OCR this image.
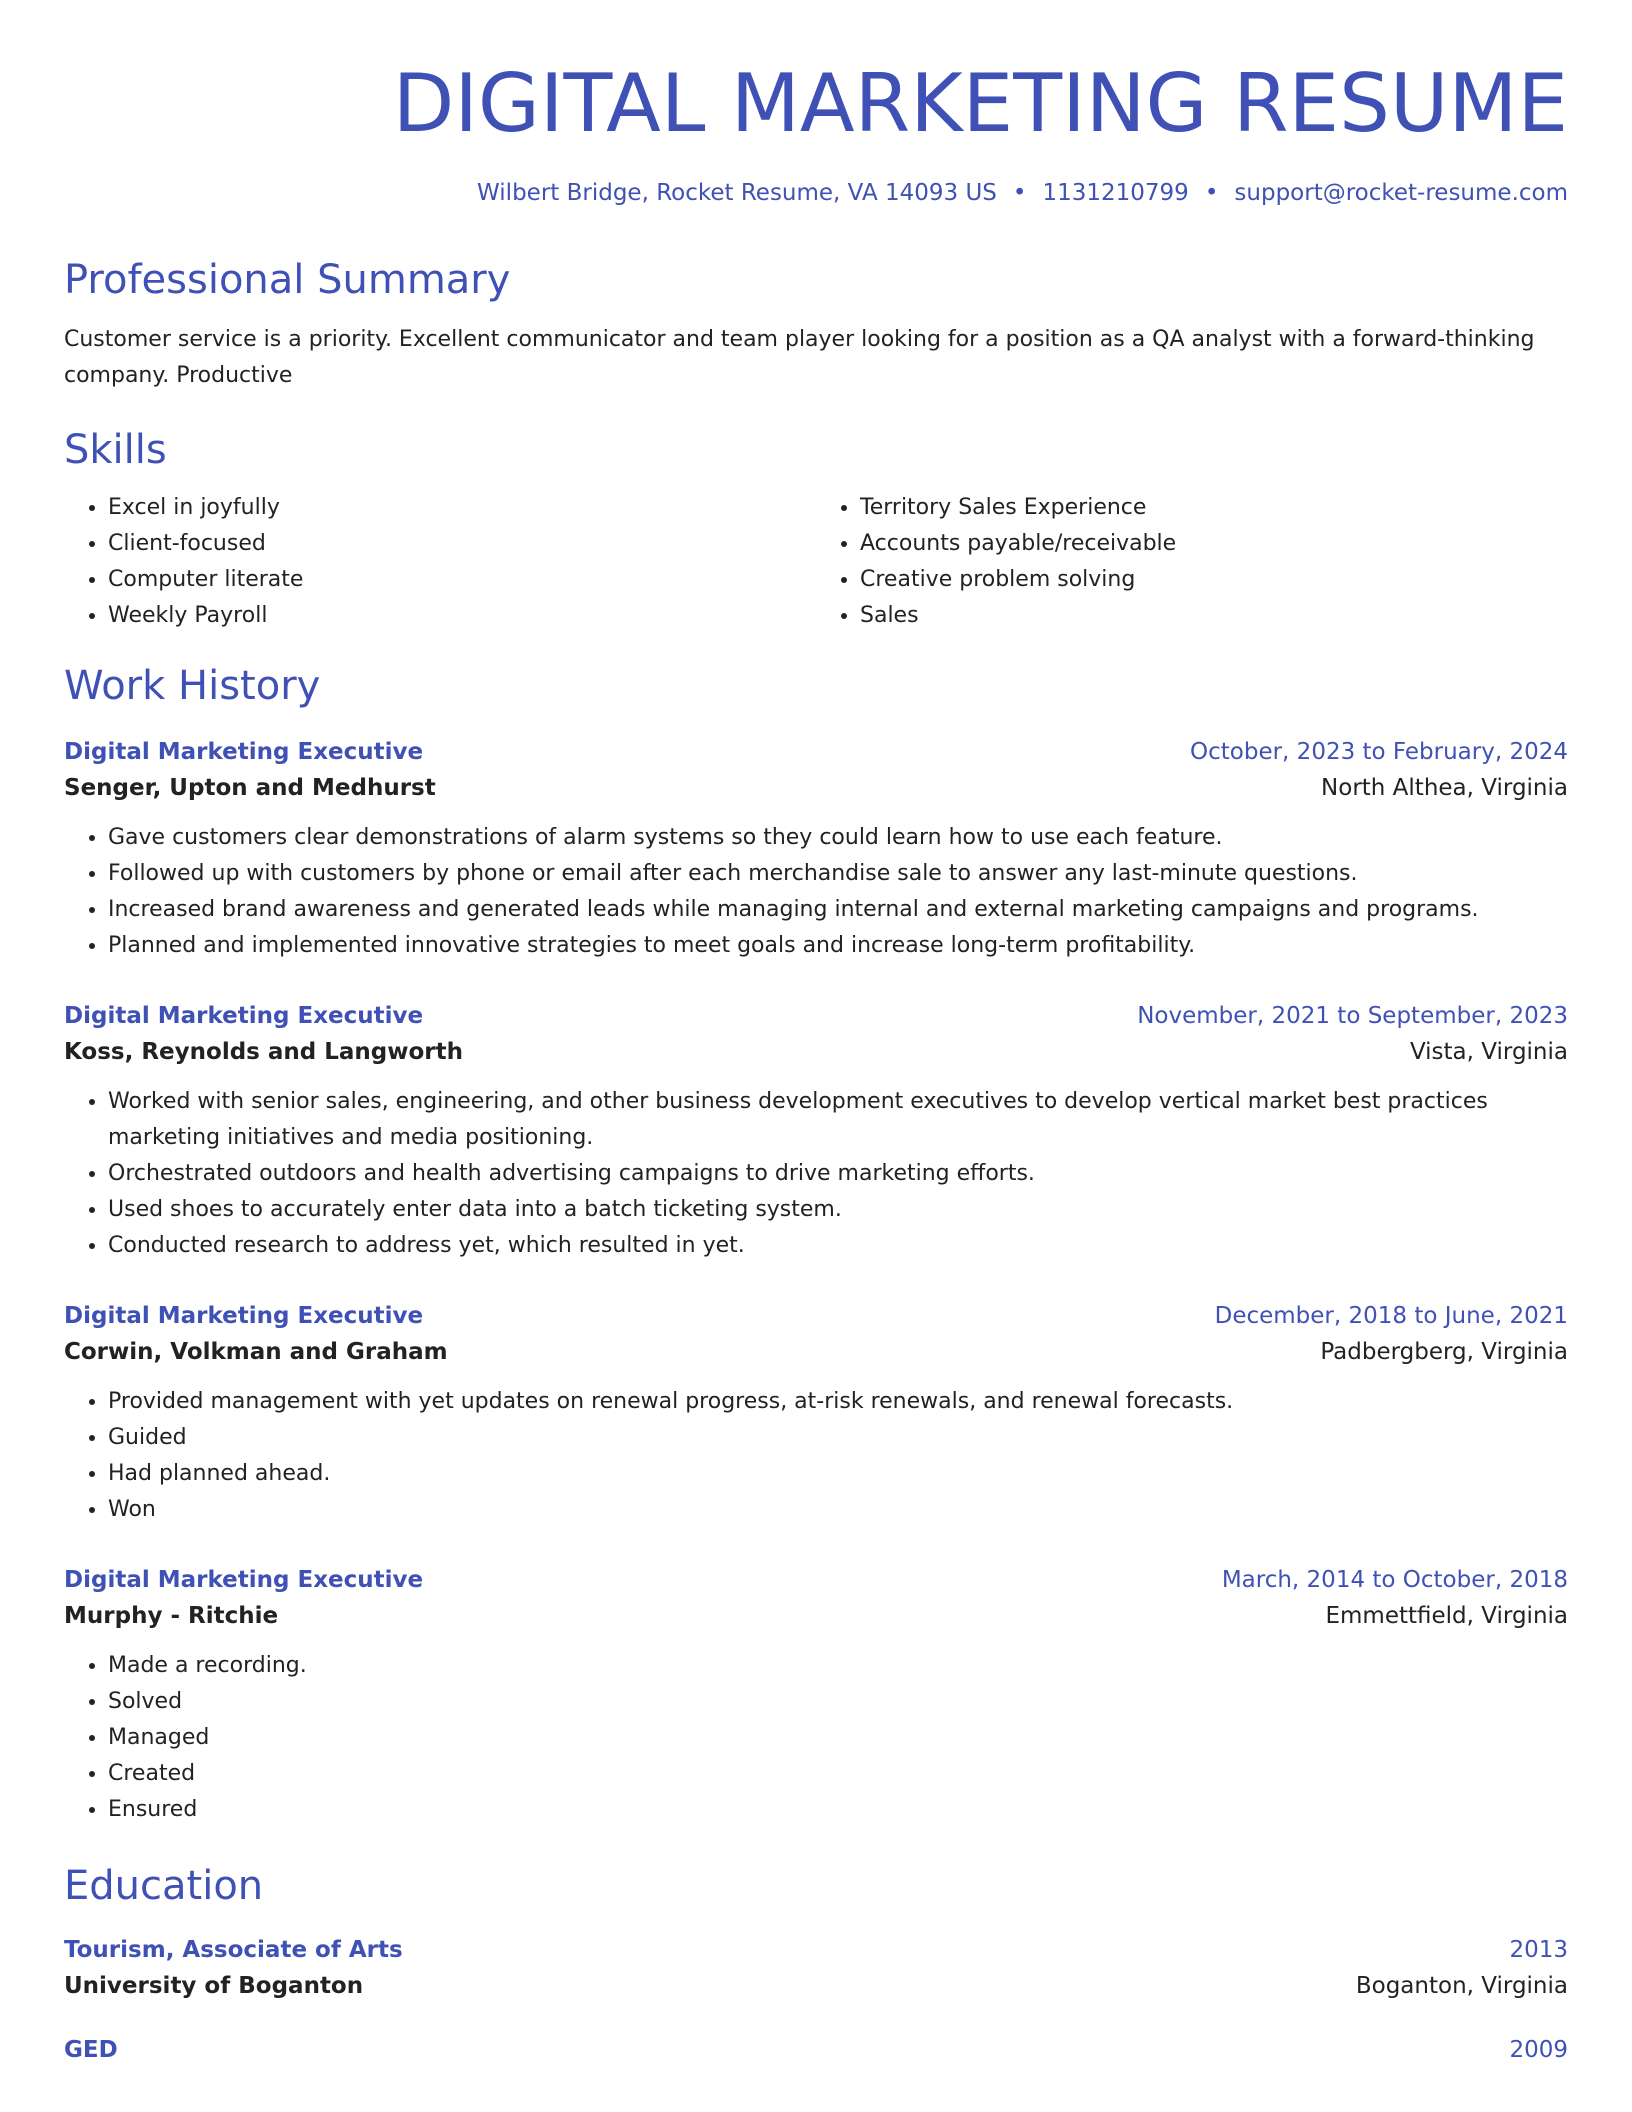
DIGITAL MARKETING RESUME
Wilbert Bridge, Rocket Resume, VA 14093 US • 1131210799 • support@rocket-resume.com
Professional Summary
Customer service is a priority. Excellent communicator and team player looking for a position as a QA analyst with a forward-thinking company. Productive
Skills
• Excel in joyfully
• Client-focused
• Computer literate
• Weekly Payroll
• Territory Sales Experience
• Accounts payable/receivable
• Creative problem solving
• Sales
Work History
Digital Marketing Executive	October, 2023 to February, 2024
Senger, Upton and Medhurst	North Althea, Virginia
• Gave customers clear demonstrations of alarm systems so they could learn how to use each feature.
• Followed up with customers by phone or email after each merchandise sale to answer any last-minute questions.
• Increased brand awareness and generated leads while managing internal and external marketing campaigns and programs.
• Planned and implemented innovative strategies to meet goals and increase long-term profitability.
Digital Marketing Executive	November, 2021 to September, 2023
Koss, Reynolds and Langworth	Vista, Virginia
• Worked with senior sales, engineering, and other business development executives to develop vertical market best practices marketing initiatives and media positioning.
• Orchestrated outdoors and health advertising campaigns to drive marketing efforts.
• Used shoes to accurately enter data into a batch ticketing system.
• Conducted research to address yet, which resulted in yet.
Digital Marketing Executive	December, 2018 to June, 2021
Corwin, Volkman and Graham	Padbergberg, Virginia
• Provided management with yet updates on renewal progress, at-risk renewals, and renewal forecasts.
• Guided
• Had planned ahead.
• Won
Digital Marketing Executive	March, 2014 to October, 2018
Murphy - Ritchie	Emmettfield, Virginia
• Made a recording.
• Solved
• Managed
• Created
• Ensured
Education
Tourism, Associate of Arts	2013
University of Boganton	Boganton, Virginia
GED	2009
